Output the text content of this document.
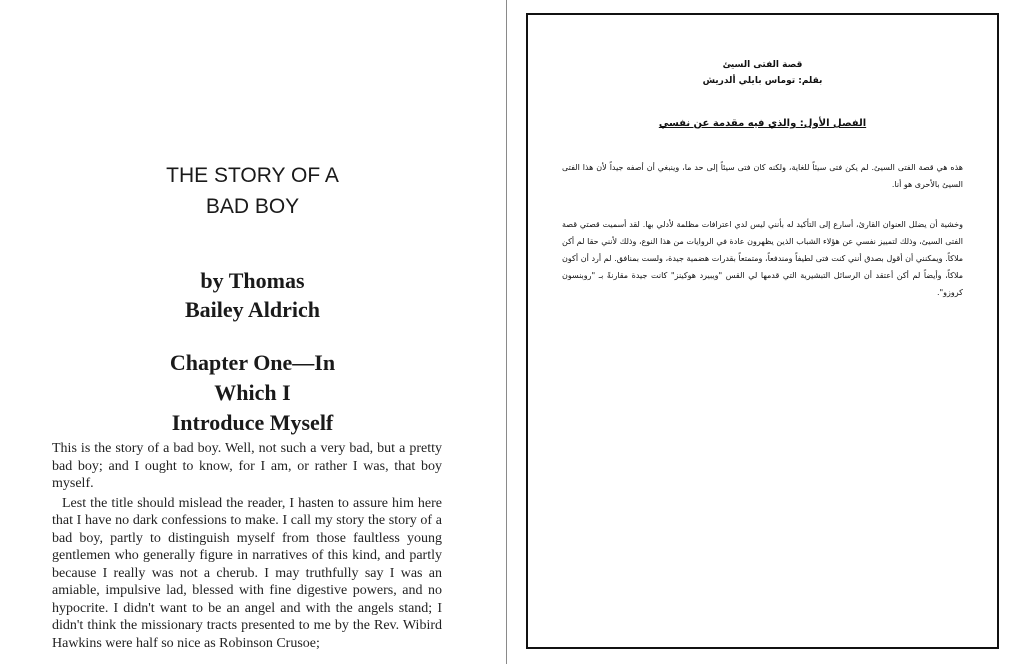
THE STORY OF A
BAD BOY
by Thomas
Bailey Aldrich
Chapter One—In
Which I
Introduce Myself

This is the story of a bad boy. Well, not such a very bad, but a pretty bad boy; and I ought to know, for I am, or rather I was, that boy myself.

Lest the title should mislead the reader, I hasten to assure him here that I have no dark confessions to make. I call my story the story of a bad boy, partly to distinguish myself from those faultless young gentlemen who generally figure in narratives of this kind, and partly because I really was not a cherub. I may truthfully say I was an amiable, impulsive lad, blessed with fine digestive powers, and no hypocrite. I didn't want to be an angel and with the angels stand; I didn't think the missionary tracts presented to me by the Rev. Wibird Hawkins were half so nice as Robinson Crusoe;

قصة الفتى السيئ
بقلم: توماس بايلي ألدريش
الفصل الأول: والذي فيه مقدمة عن نفسي
هذه هي قصة الفتى السيئ. لم يكن فتى سيئاً للغاية، ولكنه كان فتى سيئاً إلى حد ما، وينبغي أن أصفه جيداً لأن هذا الفتى السيئ بالأحرى هو أنا.
وخشية أن يضلل العنوان القارئ، أسارع إلى التأكيد له بأنني ليس لدي اعترافات مظلمة لأدلي بها. لقد أسميت قصتي قصة الفتى السيئ، وذلك لتمييز نفسي عن هؤلاء الشباب الذين يظهرون عادة في الروايات من هذا النوع، وذلك لأنني حقا لم أكن ملاكاً. ويمكنني أن أقول بصدق أنني كنت فتى لطيفاً ومندفعاً، ومتمتعاً بقدرات هضمية جيدة، ولست بمنافق. لم أرد أن أكون ملاكاً، وأيضاً لم أكن أعتقد أن الرسائل التبشيرية التي قدمها لي القس "ويبيرد هوكينز" كانت جيدة مقارنةً بـ "روبنسون كروزو".
